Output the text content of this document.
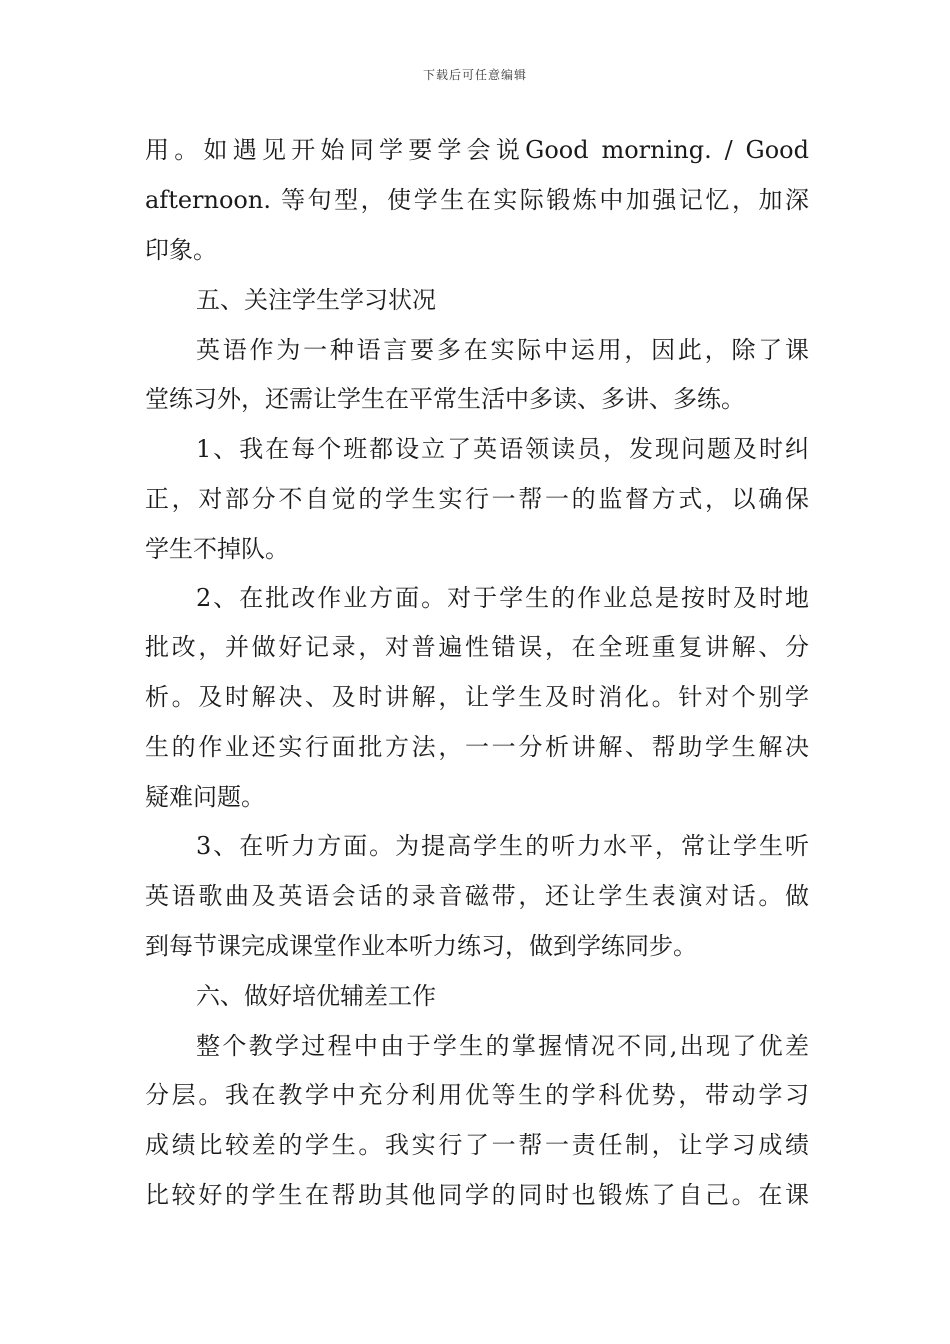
下载后可任意编辑
用。如遇见开始同学要学会说Good morning. / Good
afternoon. 等句型，使学生在实际锻炼中加强记忆，加深
印象。
五、关注学生学习状况
英语作为一种语言要多在实际中运用，因此，除了课
堂练习外，还需让学生在平常生活中多读、多讲、多练。
1、我在每个班都设立了英语领读员，发现问题及时纠
正，对部分不自觉的学生实行一帮一的监督方式，以确保
学生不掉队。
2、在批改作业方面。对于学生的作业总是按时及时地
批改，并做好记录，对普遍性错误，在全班重复讲解、分
析。及时解决、及时讲解，让学生及时消化。针对个别学
生的作业还实行面批方法，一一分析讲解、帮助学生解决
疑难问题。
3、在听力方面。为提高学生的听力水平，常让学生听
英语歌曲及英语会话的录音磁带，还让学生表演对话。做
到每节课完成课堂作业本听力练习，做到学练同步。
六、做好培优辅差工作
整个教学过程中由于学生的掌握情况不同,出现了优差
分层。我在教学中充分利用优等生的学科优势，带动学习
成绩比较差的学生。我实行了一帮一责任制，让学习成绩
比较好的学生在帮助其他同学的同时也锻炼了自己。在课
